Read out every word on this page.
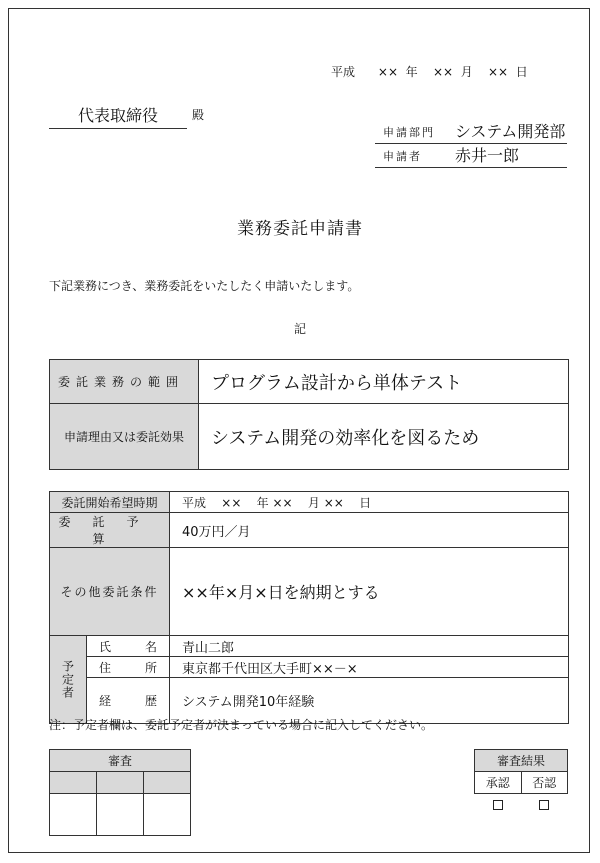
平成 ×× 年 ×× 月 ×× 日
代表取締役	殿
申請部門	システム開発部
申請者	赤井一郎
業務委託申請書
下記業務につき、業務委託をいたしたく申請いたします。
記
委託業務の範囲	プログラム設計から単体テスト
申請理由又は委託効果	システム開発の効率化を図るため
委託開始希望時期		平成 ×× 年 ×× 月 ×× 日

委託予算		40万円／月
その他委託条件		××年×月×日を納期とする

予定者	氏 名	青山二郎

	住 所	東京都千代田区大手町××－×

	経 歴	システム開発10年経験
注：予定者欄は、委託予定者が決まっている場合に記入してください。
審査		

			審査結果	
承認	否認
